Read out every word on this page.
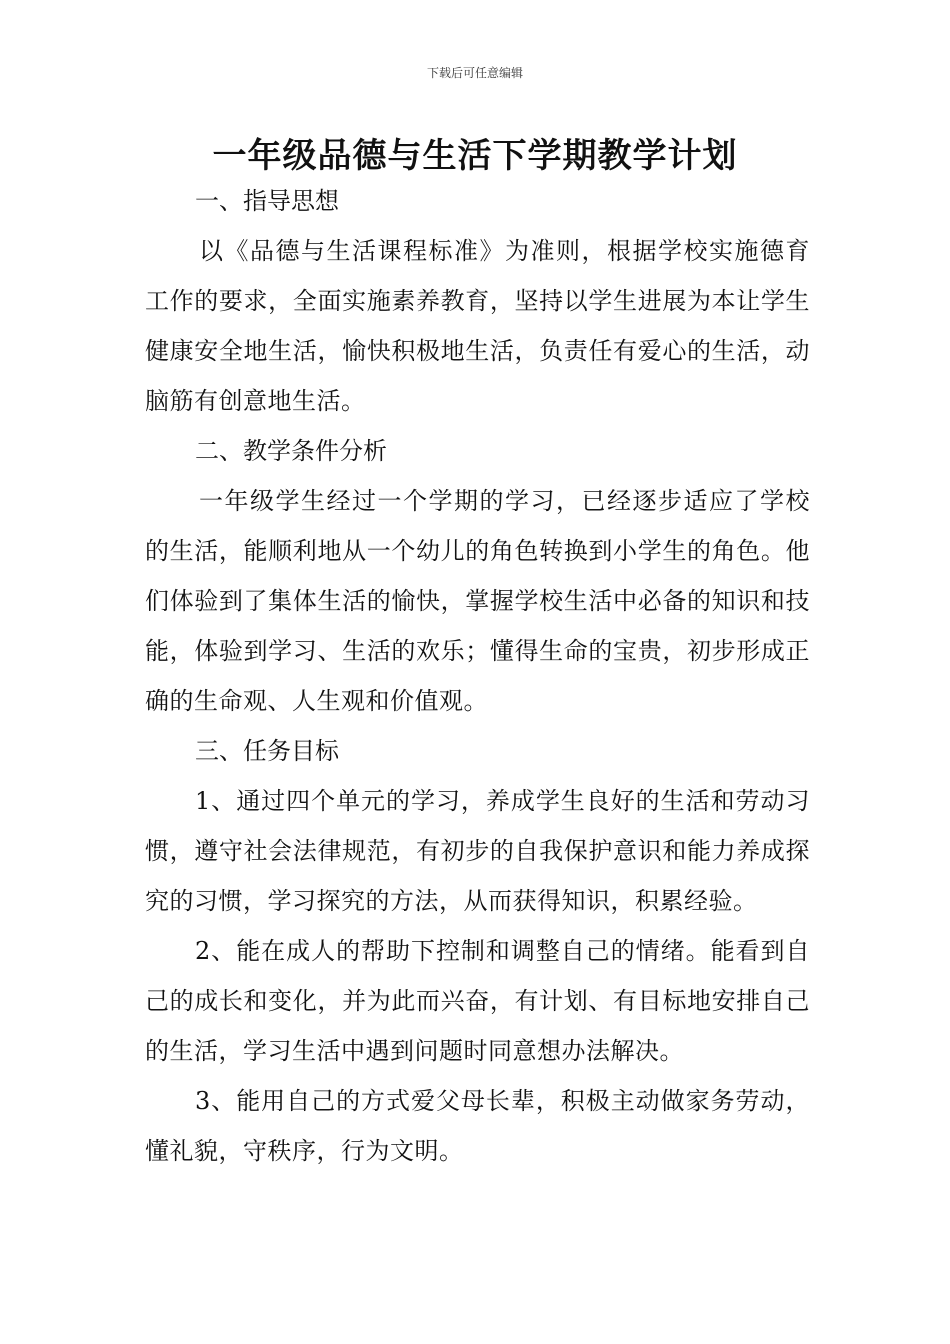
下载后可任意编辑
一年级品德与生活下学期教学计划

一、指导思想

以《品德与生活课程标准》为准则，根据学校实施德育工作的要求，全面实施素养教育，坚持以学生进展为本让学生健康安全地生活，愉快积极地生活，负责任有爱心的生活，动脑筋有创意地生活。

二、教学条件分析

一年级学生经过一个学期的学习，已经逐步适应了学校的生活，能顺利地从一个幼儿的角色转换到小学生的角色。他们体验到了集体生活的愉快，掌握学校生活中必备的知识和技能，体验到学习、生活的欢乐；懂得生命的宝贵，初步形成正确的生命观、人生观和价值观。

三、任务目标

1、通过四个单元的学习，养成学生良好的生活和劳动习惯，遵守社会法律规范，有初步的自我保护意识和能力养成探究的习惯，学习探究的方法，从而获得知识，积累经验。

2、能在成人的帮助下控制和调整自己的情绪。能看到自己的成长和变化，并为此而兴奋，有计划、有目标地安排自己的生活，学习生活中遇到问题时同意想办法解决。

3、能用自己的方式爱父母长辈，积极主动做家务劳动，懂礼貌，守秩序，行为文明。
